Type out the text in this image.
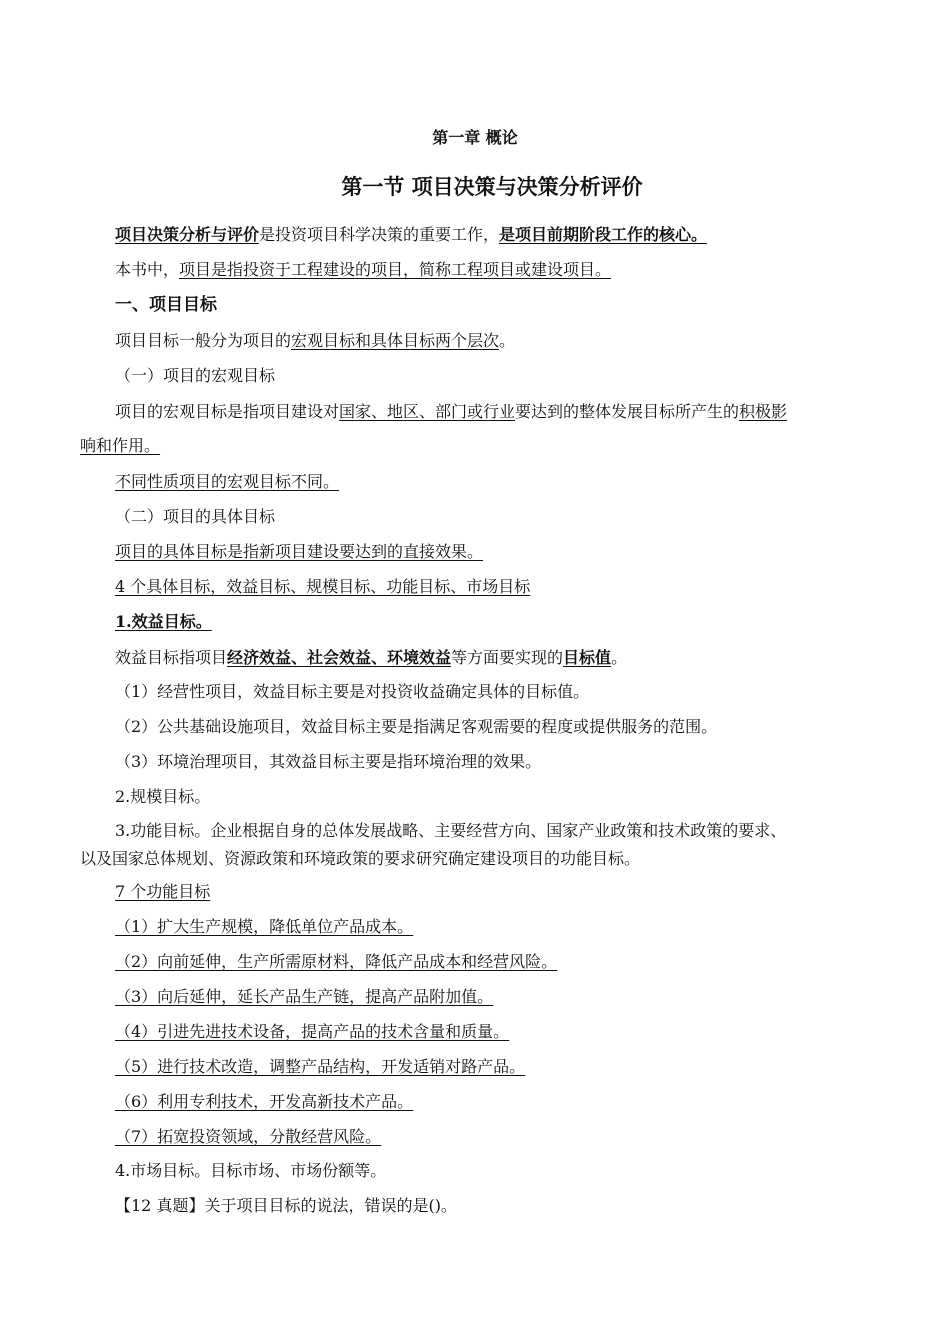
第一章 概论
第一节 项目决策与决策分析评价
项目决策分析与评价是投资项目科学决策的重要工作，是项目前期阶段工作的核心。
本书中，项目是指投资于工程建设的项目，简称工程项目或建设项目。
一、项目目标
项目目标一般分为项目的宏观目标和具体目标两个层次。
（一）项目的宏观目标
项目的宏观目标是指项目建设对国家、地区、部门或行业要达到的整体发展目标所产生的积极影
响和作用。
不同性质项目的宏观目标不同。
（二）项目的具体目标
项目的具体目标是指新项目建设要达到的直接效果。
4 个具体目标，效益目标、规模目标、功能目标、市场目标
1.效益目标。
效益目标指项目经济效益、社会效益、环境效益等方面要实现的目标值。
（1）经营性项目，效益目标主要是对投资收益确定具体的目标值。
（2）公共基础设施项目，效益目标主要是指满足客观需要的程度或提供服务的范围。
（3）环境治理项目，其效益目标主要是指环境治理的效果。
2.规模目标。
3.功能目标。企业根据自身的总体发展战略、主要经营方向、国家产业政策和技术政策的要求、
以及国家总体规划、资源政策和环境政策的要求研究确定建设项目的功能目标。
7 个功能目标
（1）扩大生产规模，降低单位产品成本。
（2）向前延伸，生产所需原材料，降低产品成本和经营风险。
（3）向后延伸，延长产品生产链，提高产品附加值。
（4）引进先进技术设备，提高产品的技术含量和质量。
（5）进行技术改造，调整产品结构，开发适销对路产品。
（6）利用专利技术，开发高新技术产品。
（7）拓宽投资领域，分散经营风险。
4.市场目标。目标市场、市场份额等。
【12 真题】关于项目目标的说法，错误的是()。
